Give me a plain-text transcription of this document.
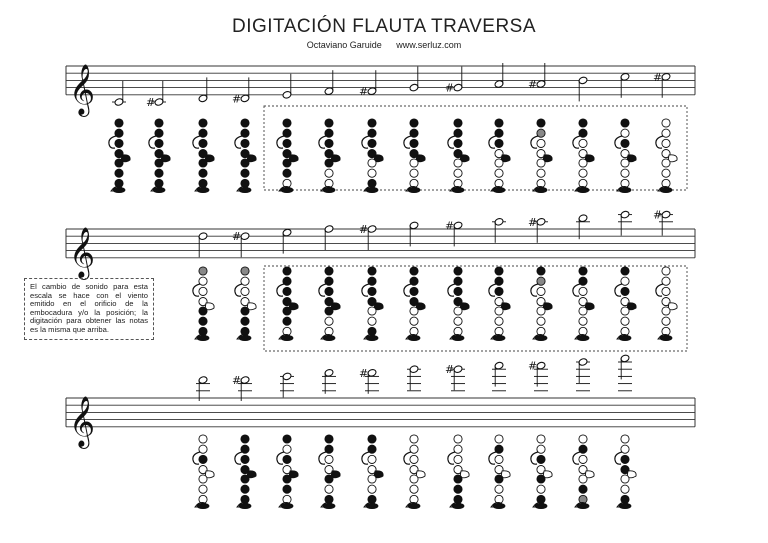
DIGITACIÓN FLAUTA TRAVERSA
Octaviano Garuide www.serluz.com
𝄞
𝄞
𝄞
#	#
#	#	#
#
#
#	#	#
#
#
#	#	#
El cambio de sonido para esta escala se hace con el viento emitido en el orificio de la embocadura y/o la posición; la digitación para obtener las notas es la misma que arriba.
